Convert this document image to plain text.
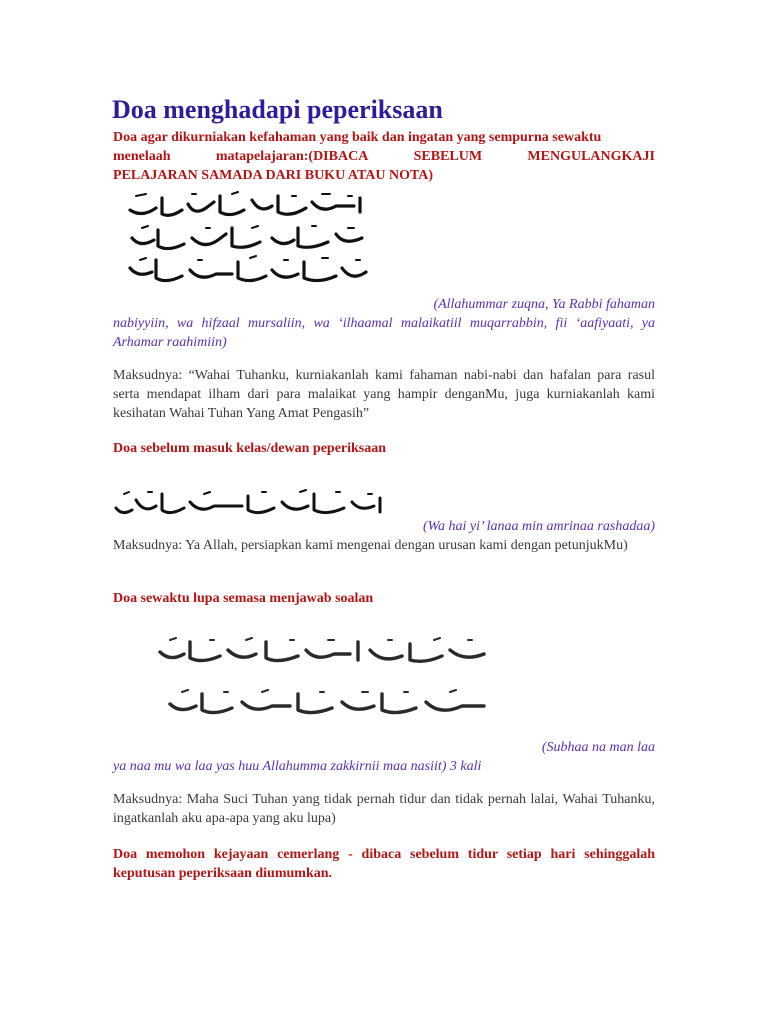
Doa menghadapi peperiksaan
Doa agar dikurniakan kefahaman yang baik dan ingatan yang sempurna sewaktu
menelaah	matapelajaran:(DIBACA	SEBELUM	MENGULANGKAJI
PELAJARAN SAMADA DARI BUKU ATAU NOTA)
(Allahummar zuqna, Ya Rabbi fahaman
nabiyyiin, wa hifzaal mursaliin, wa ‘ilhaamal malaikatiil muqarrabbin, fii ‘aafiyaati, ya Arhamar raahimiin)

Maksudnya: “Wahai Tuhanku, kurniakanlah kami fahaman nabi-nabi dan hafalan para rasul serta mendapat ilham dari para malaikat yang hampir denganMu, juga kurniakanlah kami kesihatan Wahai Tuhan Yang Amat Pengasih”

Doa sebelum masuk kelas/dewan peperiksaan
(Wa hai yi’ lanaa min amrinaa rashadaa)

Maksudnya: Ya Allah, persiapkan kami mengenai dengan urusan kami dengan petunjukMu)

Doa sewaktu lupa semasa menjawab soalan
(Subhaa na man laa
ya naa mu wa laa yas huu Allahumma zakkirnii maa nasiit) 3 kali

Maksudnya: Maha Suci Tuhan yang tidak pernah tidur dan tidak pernah lalai, Wahai Tuhanku, ingatkanlah aku apa-apa yang aku lupa)

Doa memohon kejayaan cemerlang - dibaca sebelum tidur setiap hari sehinggalah keputusan peperiksaan diumumkan.
